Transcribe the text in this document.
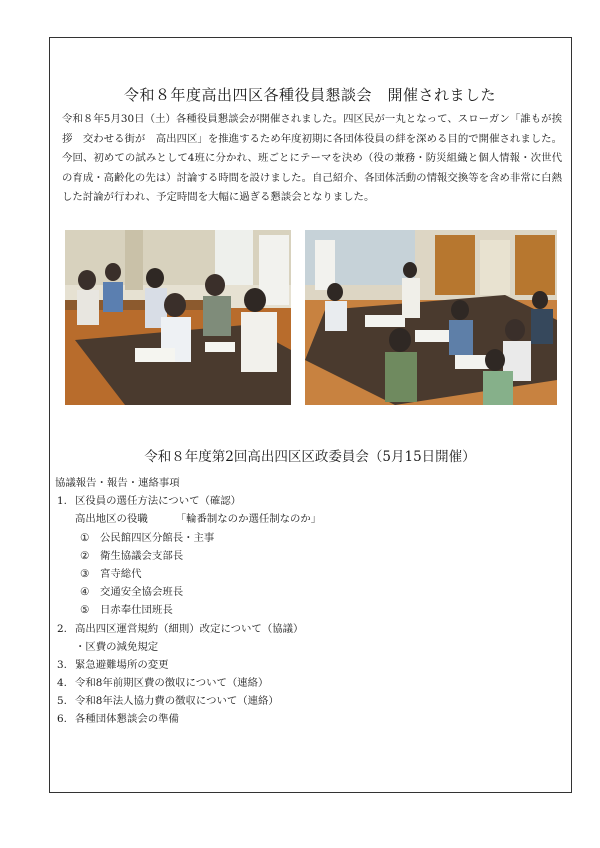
令和８年度高出四区各種役員懇談会　開催されました

令和８年5月30日（土）各種役員懇談会が開催されました。四区民が一丸となって、スローガン「誰もが挨拶　交わせる街が　高出四区」を推進するため年度初期に各団体役員の絆を深める目的で開催されました。今回、初めての試みとして4班に分かれ、班ごとにテーマを決め（役の兼務・防災組織と個人情報・次世代の育成・高齢化の先は）討論する時間を設けました。自己紹介、各団体活動の情報交換等を含め非常に白熱した討論が行われ、予定時間を大幅に過ぎる懇談会となりました。

令和８年度第2回高出四区区政委員会（5月15日開催）
協議報告・報告・連絡事項
1. 区役員の選任方法について（確認）
高出地区の役職	「輪番制なのか選任制なのか」
① 公民館四区分館長・主事
② 衛生協議会支部長
③ 宮寺総代
④ 交通安全協会班長
⑤ 日赤奉仕団班長
2. 高出四区運営規約（細則）改定について（協議）
・区費の減免規定
3. 緊急避難場所の変更
4. 令和8年前期区費の徴収について（連絡）
5. 令和8年法人協力費の徴収について（連絡）
6. 各種団体懇談会の準備
